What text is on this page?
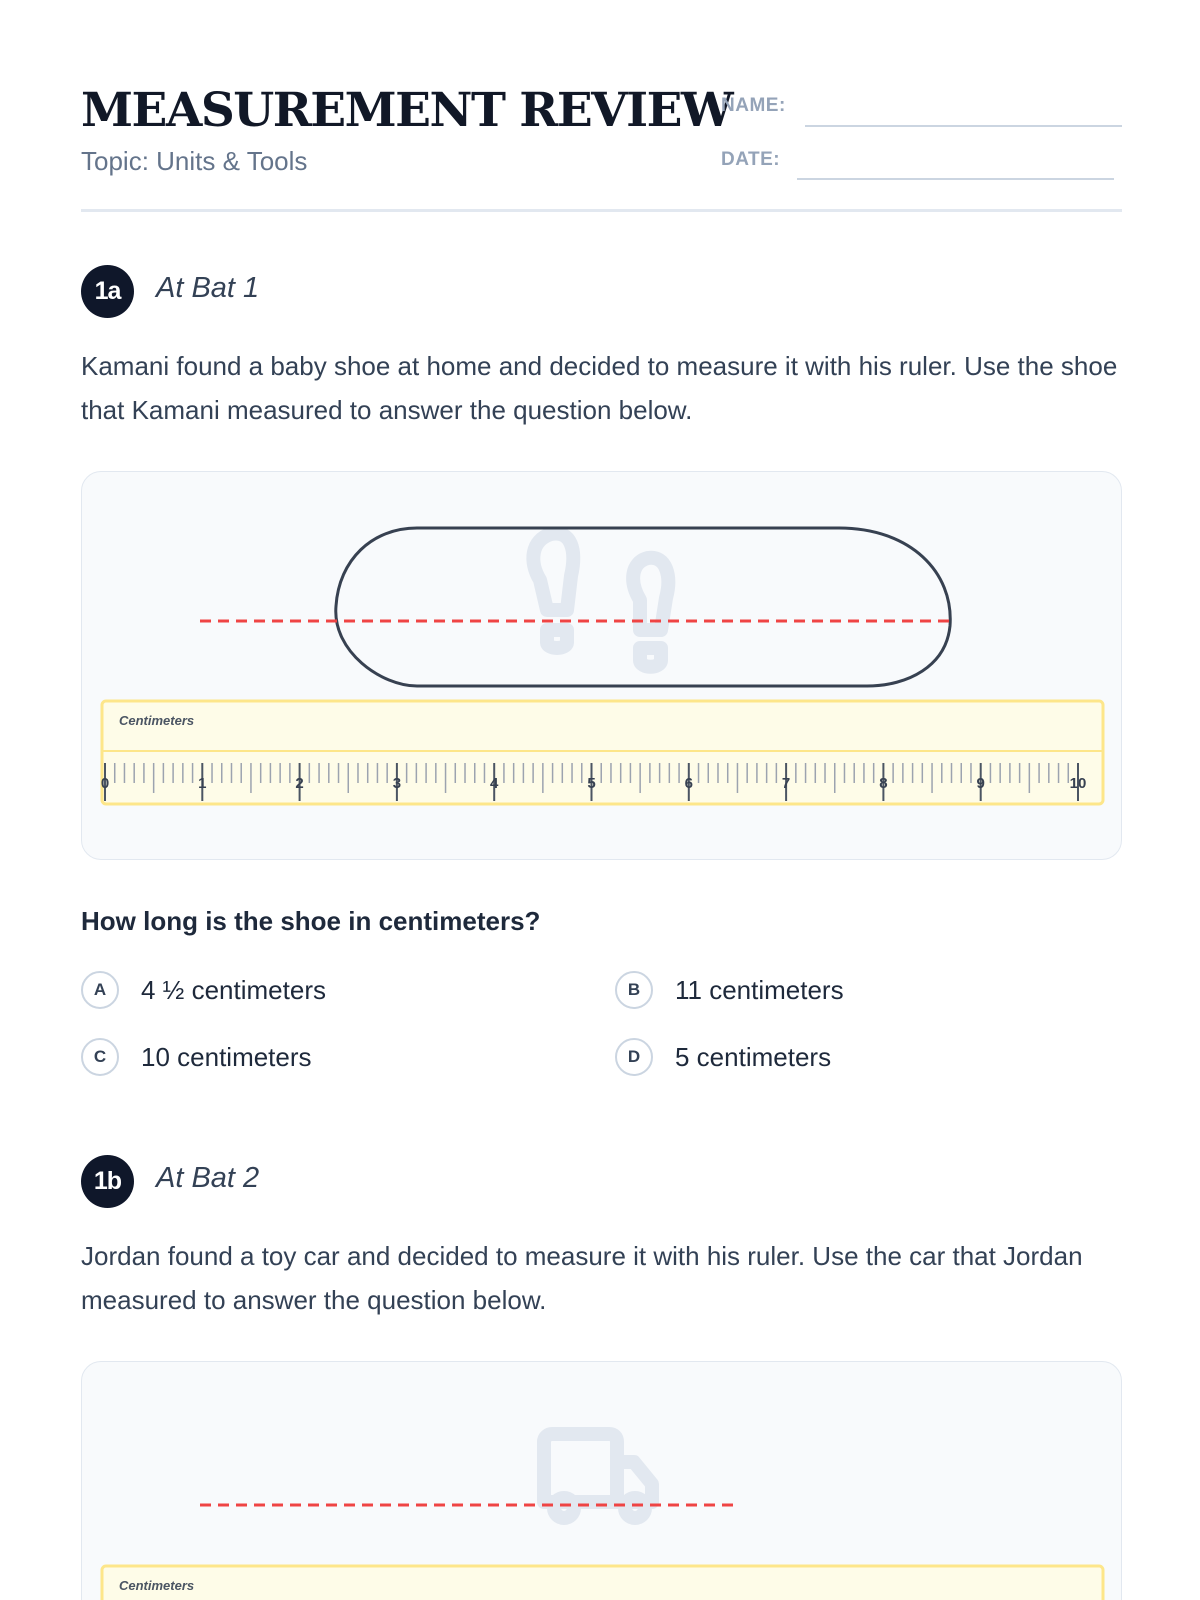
MEASUREMENT REVIEW
Topic: Units & Tools
NAME:
DATE:
1a	At Bat 1
Kamani found a baby shoe at home and decided to measure it with his ruler. Use the shoe that Kamani measured to answer the question below.
Centimeters
0	1	2	3	4	5	6	7	8	9	10
How long is the shoe in centimeters?
A	4 ½ centimeters	B	11 centimeters
C	10 centimeters	D	5 centimeters
1b	At Bat 2
Jordan found a toy car and decided to measure it with his ruler. Use the car that Jordan measured to answer the question below.
Centimeters
